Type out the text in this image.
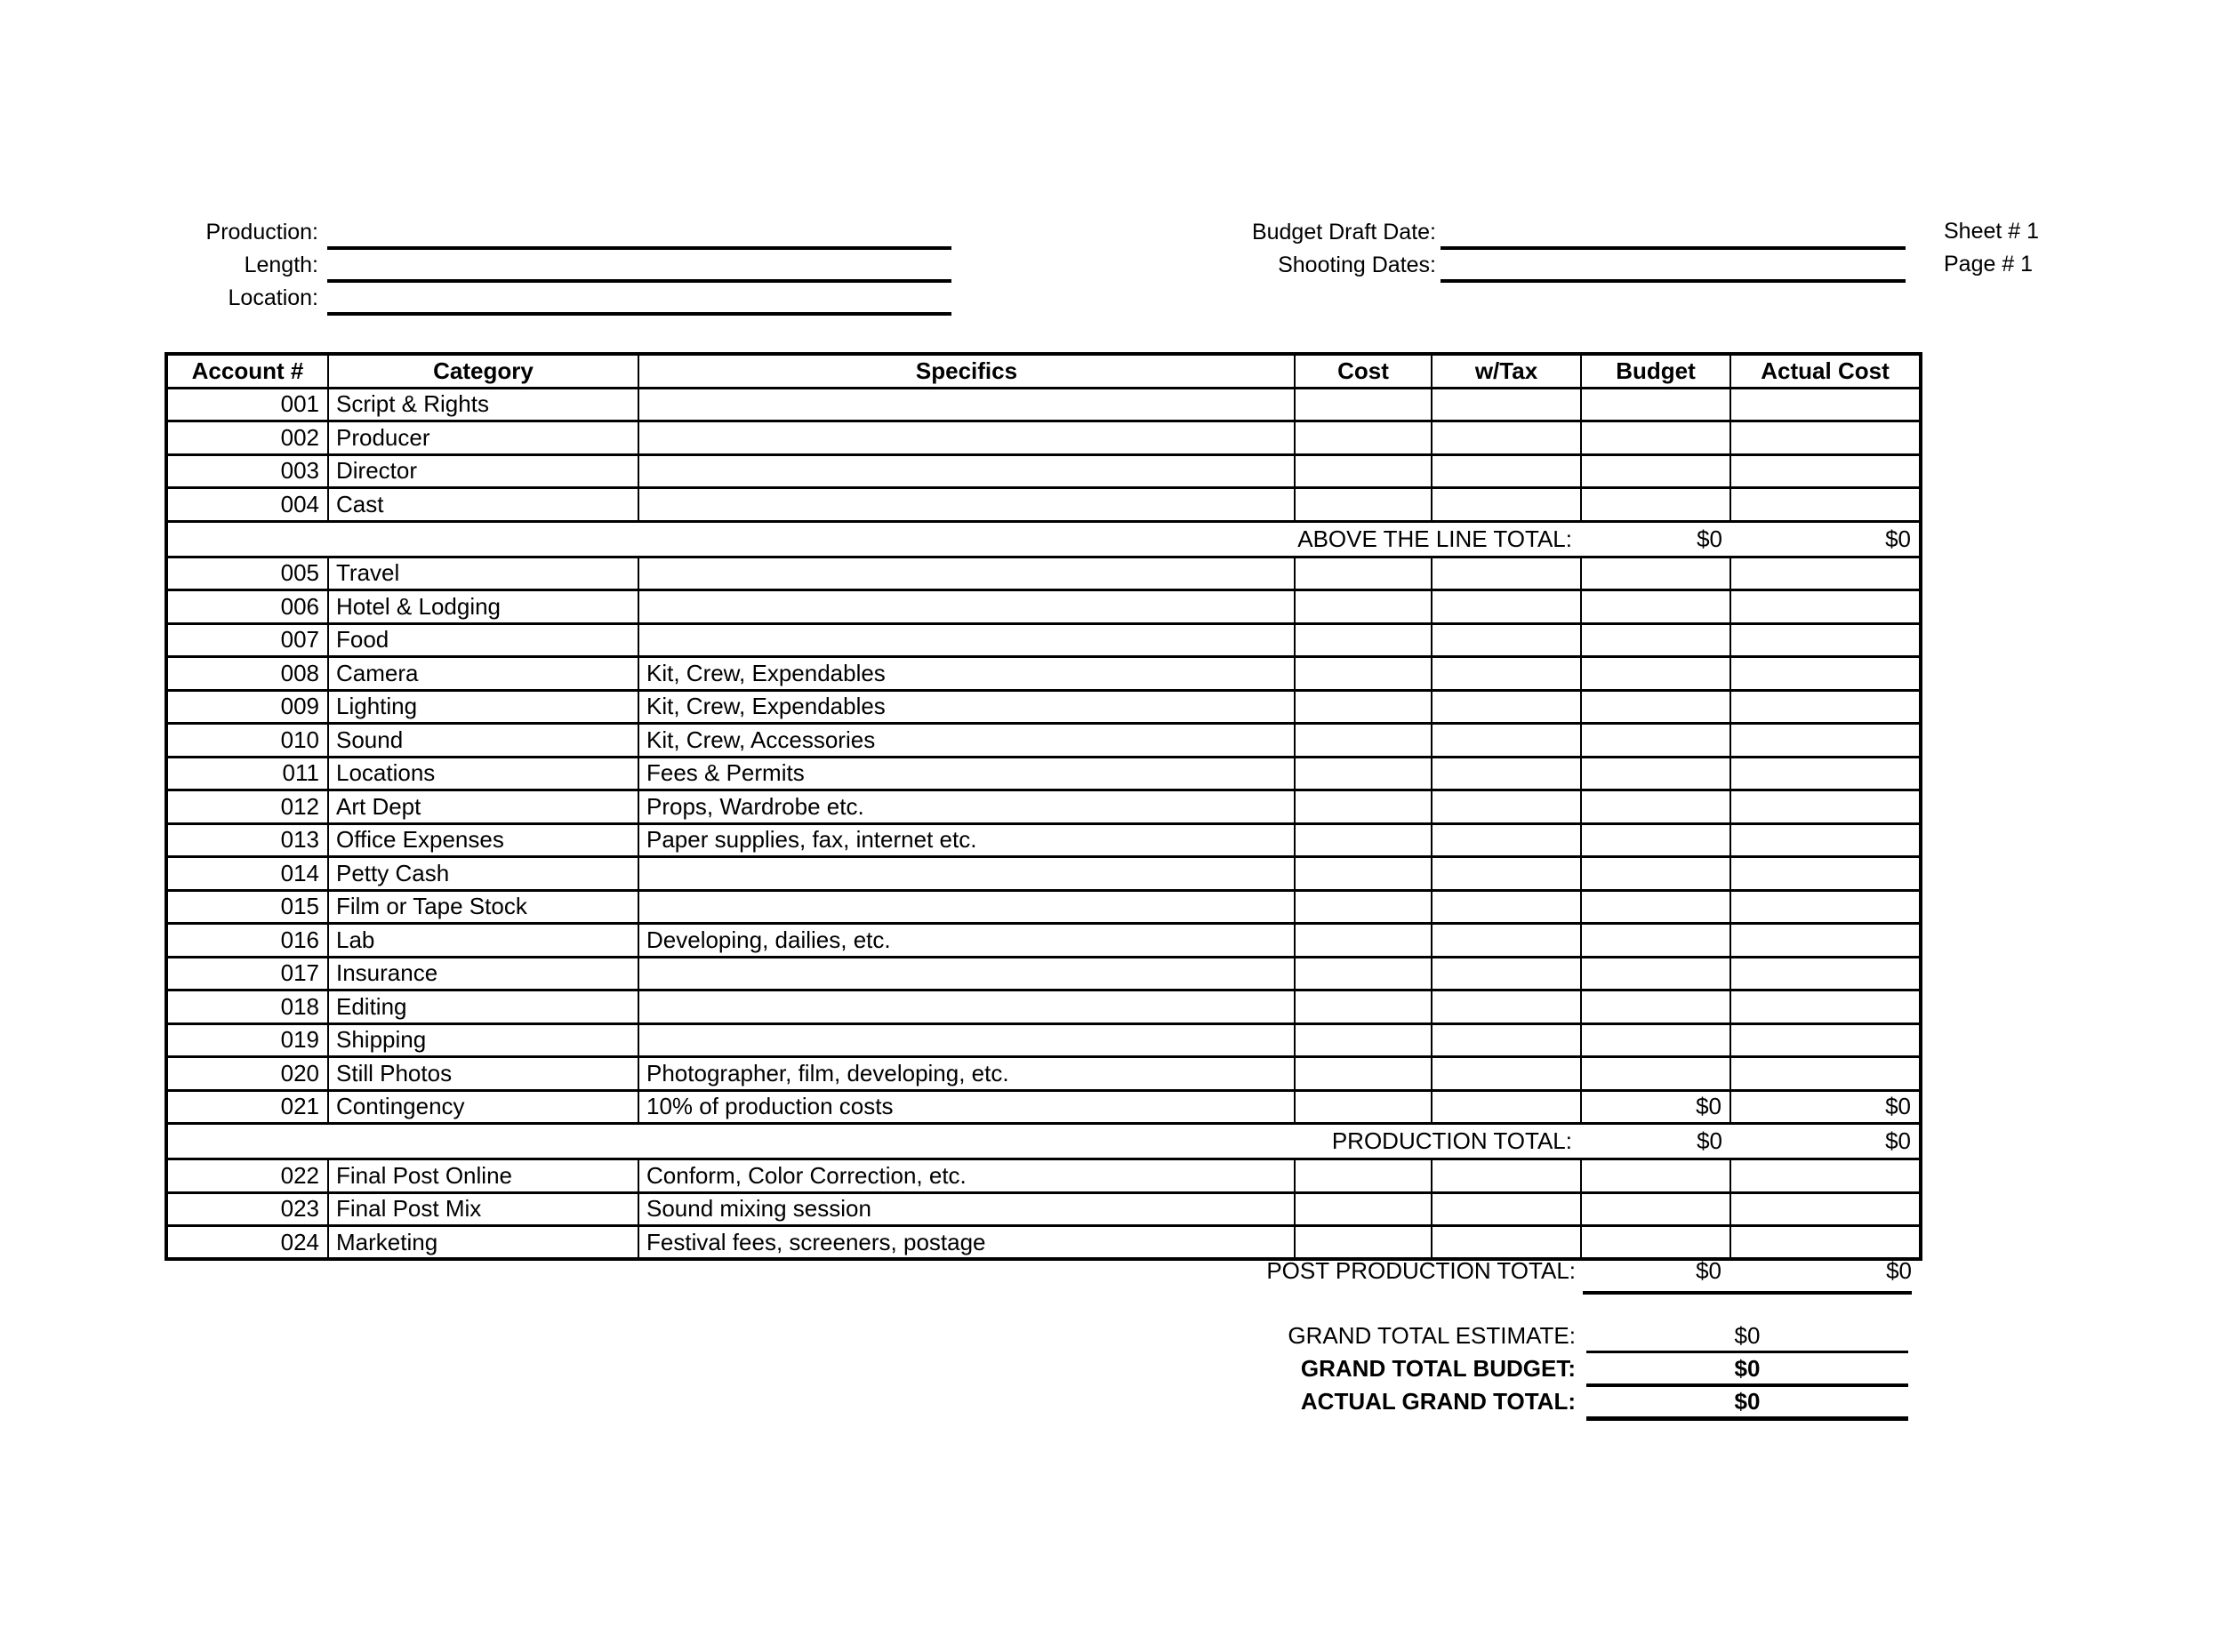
Production:
Length:
Location:
Budget Draft Date:
Shooting Dates:
Sheet # 1
Page # 1
Account #	Category	Specifics	Cost	w/Tax	Budget	Actual Cost
001	Script & Rights					
002	Producer					
003	Director					
004	Cast					
ABOVE THE LINE TOTAL:					$0	$0
005	Travel					
006	Hotel & Lodging					
007	Food					
008	Camera	Kit, Crew, Expendables				
009	Lighting	Kit, Crew, Expendables				
010	Sound	Kit, Crew, Accessories				
011	Locations	Fees & Permits				
012	Art Dept	Props, Wardrobe etc.				
013	Office Expenses	Paper supplies, fax, internet etc.				
014	Petty Cash					
015	Film or Tape Stock					
016	Lab	Developing, dailies, etc.				
017	Insurance					
018	Editing					
019	Shipping					
020	Still Photos	Photographer, film, developing, etc.				
021	Contingency	10% of production costs			$0	$0
PRODUCTION TOTAL:					$0	$0
022	Final Post Online	Conform, Color Correction, etc.				
023	Final Post Mix	Sound mixing session				
024	Marketing	Festival fees, screeners, postage				
POST PRODUCTION TOTAL:	$0	$0
GRAND TOTAL ESTIMATE:	$0
GRAND TOTAL BUDGET:	$0
ACTUAL GRAND TOTAL:	$0
